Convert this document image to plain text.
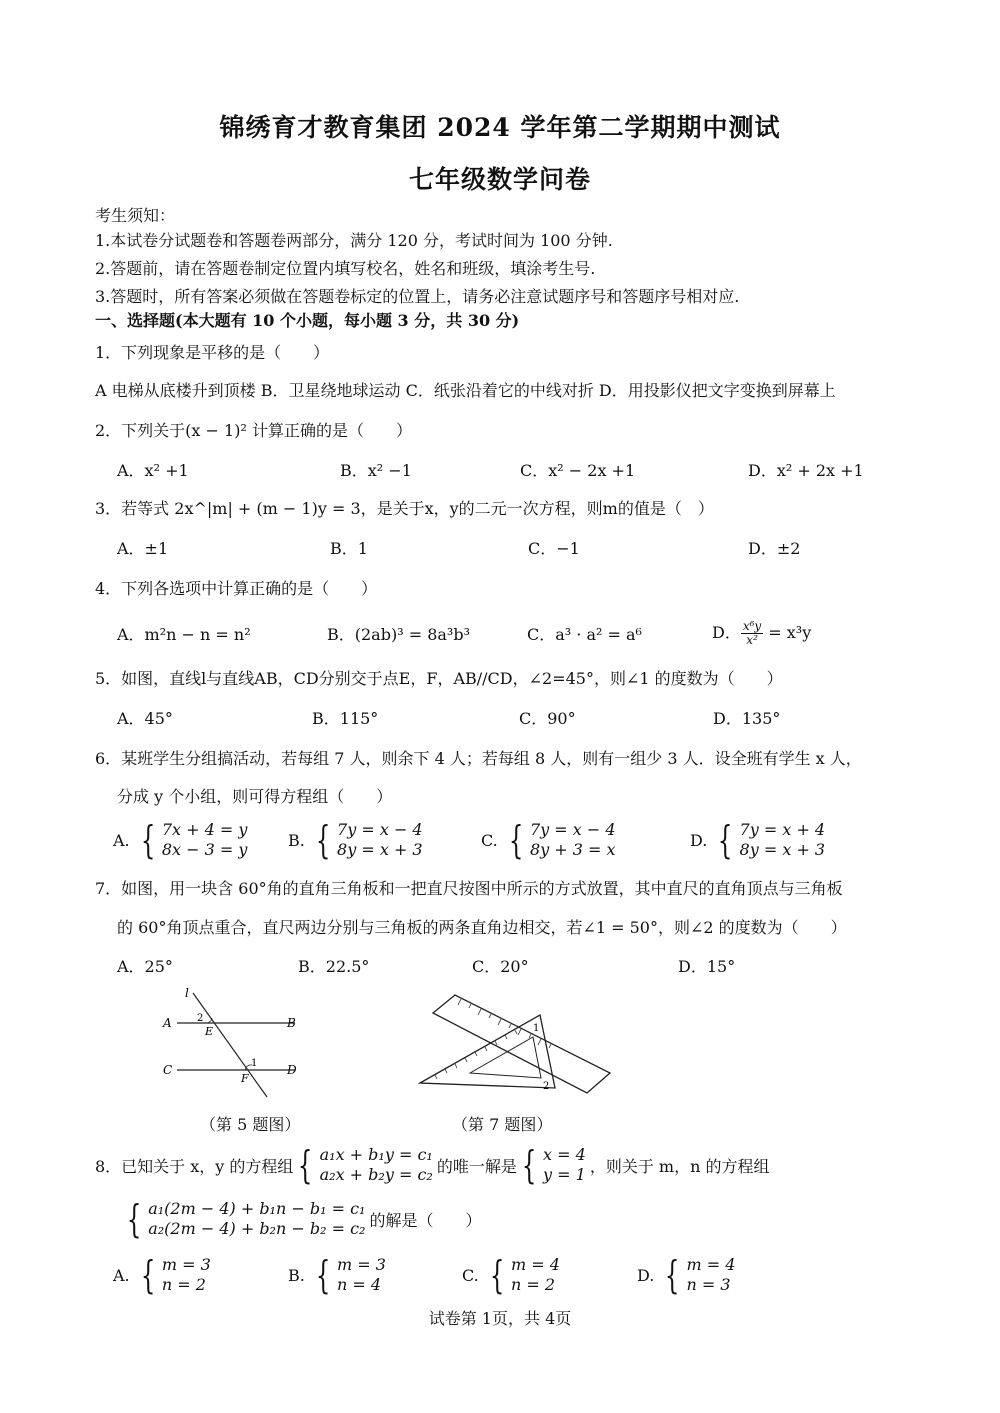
锦绣育才教育集团 2024 学年第二学期期中测试
七年级数学问卷
考生须知：
1.本试卷分试题卷和答题卷两部分，满分 120 分，考试时间为 100 分钟.
2.答题前，请在答题卷制定位置内填写校名，姓名和班级，填涂考生号.
3.答题时，所有答案必须做在答题卷标定的位置上，请务必注意试题序号和答题序号相对应.
一、选择题(本大题有 10 个小题，每小题 3 分，共 30 分)
1．下列现象是平移的是（　　）
A 电梯从底楼升到顶楼 B．卫星绕地球运动 C．纸张沿着它的中线对折 D．用投影仪把文字变换到屏幕上
2．下列关于(x − 1)² 计算正确的是（　　）
A．x² +1	B．x² −1	C．x² − 2x +1	D．x² + 2x +1
3．若等式 2x^|m| + (m − 1)y = 3，是关于x，y的二元一次方程，则m的值是（　）
A．±1	B．1	C．−1	D．±2
4．下列各选项中计算正确的是（　　）
A．m²n − n = n²	B．(2ab)³ = 8a³b³	C．a³ · a² = a⁶	D． $\frac{\text{x⁶y}}{\text{x²}} = x^3y$
5．如图，直线l与直线AB，CD分别交于点E，F，AB//CD，∠2=45°，则∠1 的度数为（　　）
A．45°	B．115°	C．90°	D．135°
6．某班学生分组搞活动，若每组 7 人，则余下 4 人；若每组 8 人，则有一组少 3 人．设全班有学生 x 人，
分成 y 个小组，则可得方程组（　　）
A. { 7x + 4 = y
8x − 3 = y	B. { 7y = x − 4
8y = x + 3	C. { 7y = x − 4
8y + 3 = x	D. { 7y = x + 4
8y = x + 3
7．如图，用一块含 60°角的直角三角板和一把直尺按图中所示的方式放置，其中直尺的直角顶点与三角板
的 60°角顶点重合，直尺两边分别与三角板的两条直角边相交，若∠1 = 50°，则∠2 的度数为（　　）
A．25°	B．22.5°	C．20°	D．15°
l
A	B
C	D
E
F
2
1
（第 5 题图）
1
2
（第 7 题图）
8．已知关于 x，y 的方程组 { a₁x + b₁y = c₁
a₂x + b₂y = c₂ 的唯一解是 { x = 4
y = 1 ，则关于 m，n 的方程组
{ a₁(2m − 4) + b₁n − b₁ = c₁
a₂(2m − 4) + b₂n − b₂ = c₂ 的解是（　　）
A. { m = 3
n = 2	B. { m = 3
n = 4	C. { m = 4
n = 2	D. { m = 4
n = 3
试卷第 1页，共 4页
